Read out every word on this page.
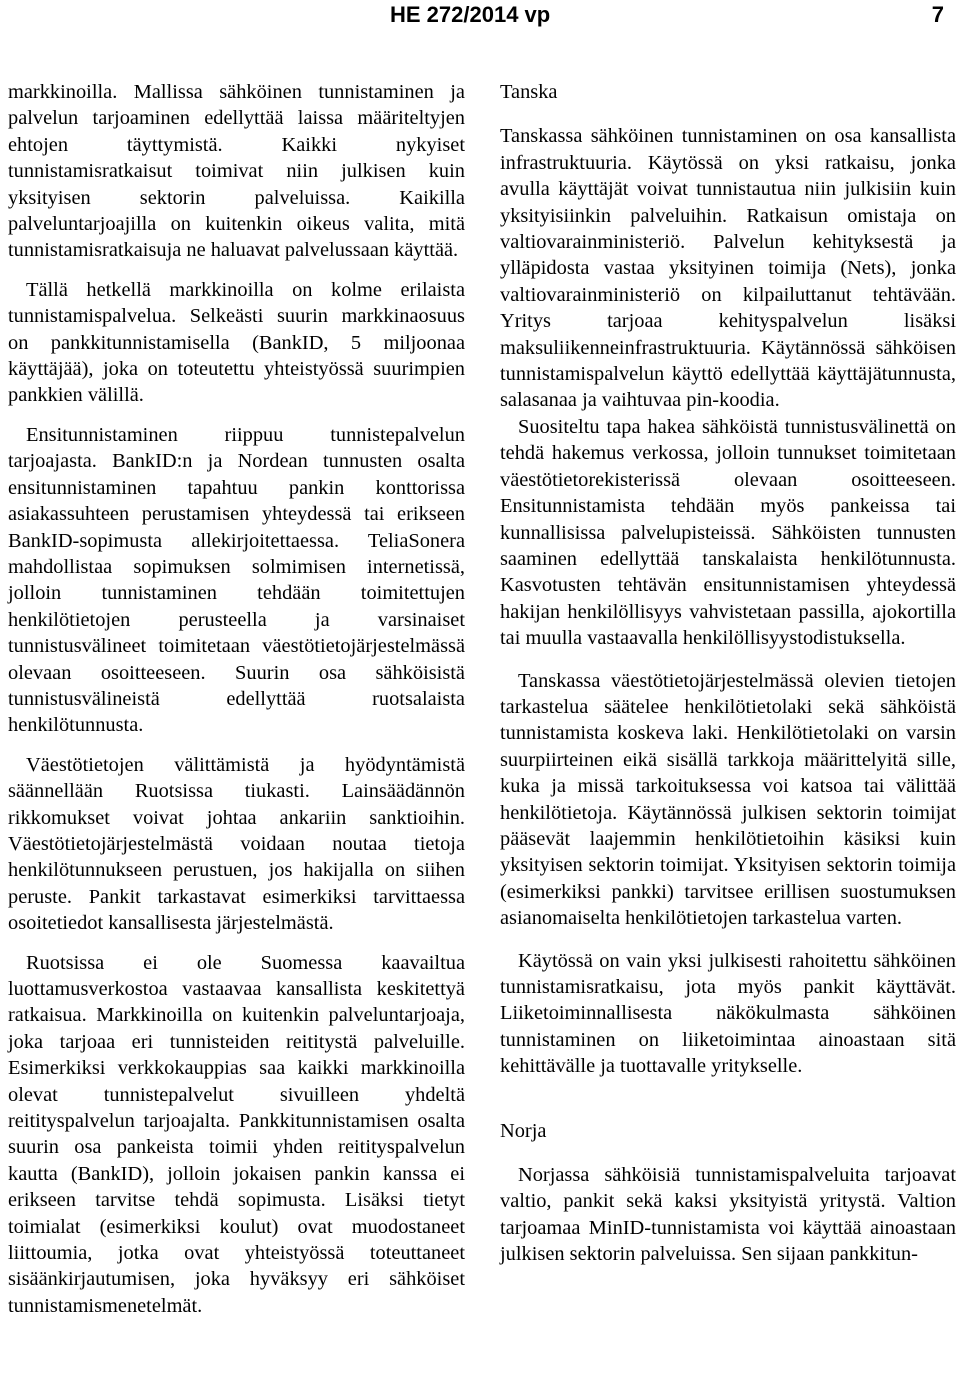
HE 272/2014 vp	7

markkinoilla. Mallissa sähköinen tunnistaminen ja palvelun tarjoaminen edellyttää laissa määriteltyjen ehtojen täyttymistä. Kaikki nykyiset tunnistamisratkaisut toimivat niin julkisen kuin yksityisen sektorin palveluissa. Kaikilla palveluntarjoajilla on kuitenkin oikeus valita, mitä tunnistamisratkaisuja ne haluavat palvelussaan käyttää.

Tällä hetkellä markkinoilla on kolme erilaista tunnistamispalvelua. Selkeästi suurin markkinaosuus on pankkitunnistamisella (BankID, 5 miljoonaa käyttäjää), joka on toteutettu yhteistyössä suurimpien pankkien välillä.

Ensitunnistaminen riippuu tunnistepalvelun tarjoajasta. BankID:n ja Nordean tunnusten osalta ensitunnistaminen tapahtuu pankin konttorissa asiakassuhteen perustamisen yhteydessä tai erikseen BankID-sopimusta allekirjoitettaessa. TeliaSonera mahdollistaa sopimuksen solmimisen internetissä, jolloin tunnistaminen tehdään toimitettujen henkilötietojen perusteella ja varsinaiset tunnistusvälineet toimitetaan väestötietojärjestelmässä olevaan osoitteeseen. Suurin osa sähköisistä tunnistusvälineistä edellyttää ruotsalaista henkilötunnusta.

Väestötietojen välittämistä ja hyödyntämistä säännellään Ruotsissa tiukasti. Lainsäädännön rikkomukset voivat johtaa ankariin sanktioihin. Väestötietojärjestelmästä voidaan noutaa tietoja henkilötunnukseen perustuen, jos hakijalla on siihen peruste. Pankit tarkastavat esimerkiksi tarvittaessa osoitetiedot kansallisesta järjestelmästä.

Ruotsissa ei ole Suomessa kaavailtua luottamusverkostoa vastaavaa kansallista keskitettyä ratkaisua. Markkinoilla on kuitenkin palveluntarjoaja, joka tarjoaa eri tunnisteiden reititystä palveluille. Esimerkiksi verkkokauppias saa kaikki markkinoilla olevat tunnistepalvelut sivuilleen yhdeltä reitityspalvelun tarjoajalta. Pankkitunnistamisen osalta suurin osa pankeista toimii yhden reitityspalvelun kautta (BankID), jolloin jokaisen pankin kanssa ei erikseen tarvitse tehdä sopimusta. Lisäksi tietyt toimialat (esimerkiksi koulut) ovat muodostaneet liittoumia, jotka ovat yhteistyössä toteuttaneet sisäänkirjautumisen, joka hyväksyy eri sähköiset tunnistamismenetelmät.

Tanska

Tanskassa sähköinen tunnistaminen on osa kansallista infrastruktuuria. Käytössä on yksi ratkaisu, jonka avulla käyttäjät voivat tunnistautua niin julkisiin kuin yksityisiinkin palveluihin. Ratkaisun omistaja on valtiovarainministeriö. Palvelun kehityksestä ja ylläpidosta vastaa yksityinen toimija (Nets), jonka valtiovarainministeriö on kilpailuttanut tehtävään. Yritys tarjoaa kehityspalvelun lisäksi maksuliikenneinfrastruktuuria. Käytännössä sähköisen tunnistamispalvelun käyttö edellyttää käyttäjätunnusta, salasanaa ja vaihtuvaa pin-koodia.

Suositeltu tapa hakea sähköistä tunnistusvälinettä on tehdä hakemus verkossa, jolloin tunnukset toimitetaan väestötietorekisterissä olevaan osoitteeseen. Ensitunnistamista tehdään myös pankeissa tai kunnallisissa palvelupisteissä. Sähköisten tunnusten saaminen edellyttää tanskalaista henkilötunnusta. Kasvotusten tehtävän ensitunnistamisen yhteydessä hakijan henkilöllisyys vahvistetaan passilla, ajokortilla tai muulla vastaavalla henkilöllisyystodistuksella.

Tanskassa väestötietojärjestelmässä olevien tietojen tarkastelua säätelee henkilötietolaki sekä sähköistä tunnistamista koskeva laki. Henkilötietolaki on varsin suurpiirteinen eikä sisällä tarkkoja määrittelyitä sille, kuka ja missä tarkoituksessa voi katsoa tai välittää henkilötietoja. Käytännössä julkisen sektorin toimijat pääsevät laajemmin henkilötietoihin käsiksi kuin yksityisen sektorin toimijat. Yksityisen sektorin toimija (esimerkiksi pankki) tarvitsee erillisen suostumuksen asianomaiselta henkilötietojen tarkastelua varten.

Käytössä on vain yksi julkisesti rahoitettu sähköinen tunnistamisratkaisu, jota myös pankit käyttävät. Liiketoiminnallisesta näkökulmasta sähköinen tunnistaminen on liiketoimintaa ainoastaan sitä kehittävälle ja tuottavalle yritykselle.

Norja

Norjassa sähköisiä tunnistamispalveluita tarjoavat valtio, pankit sekä kaksi yksityistä yritystä. Valtion tarjoamaa MinID-tunnistamista voi käyttää ainoastaan julkisen sektorin palveluissa. Sen sijaan pankkitun-
